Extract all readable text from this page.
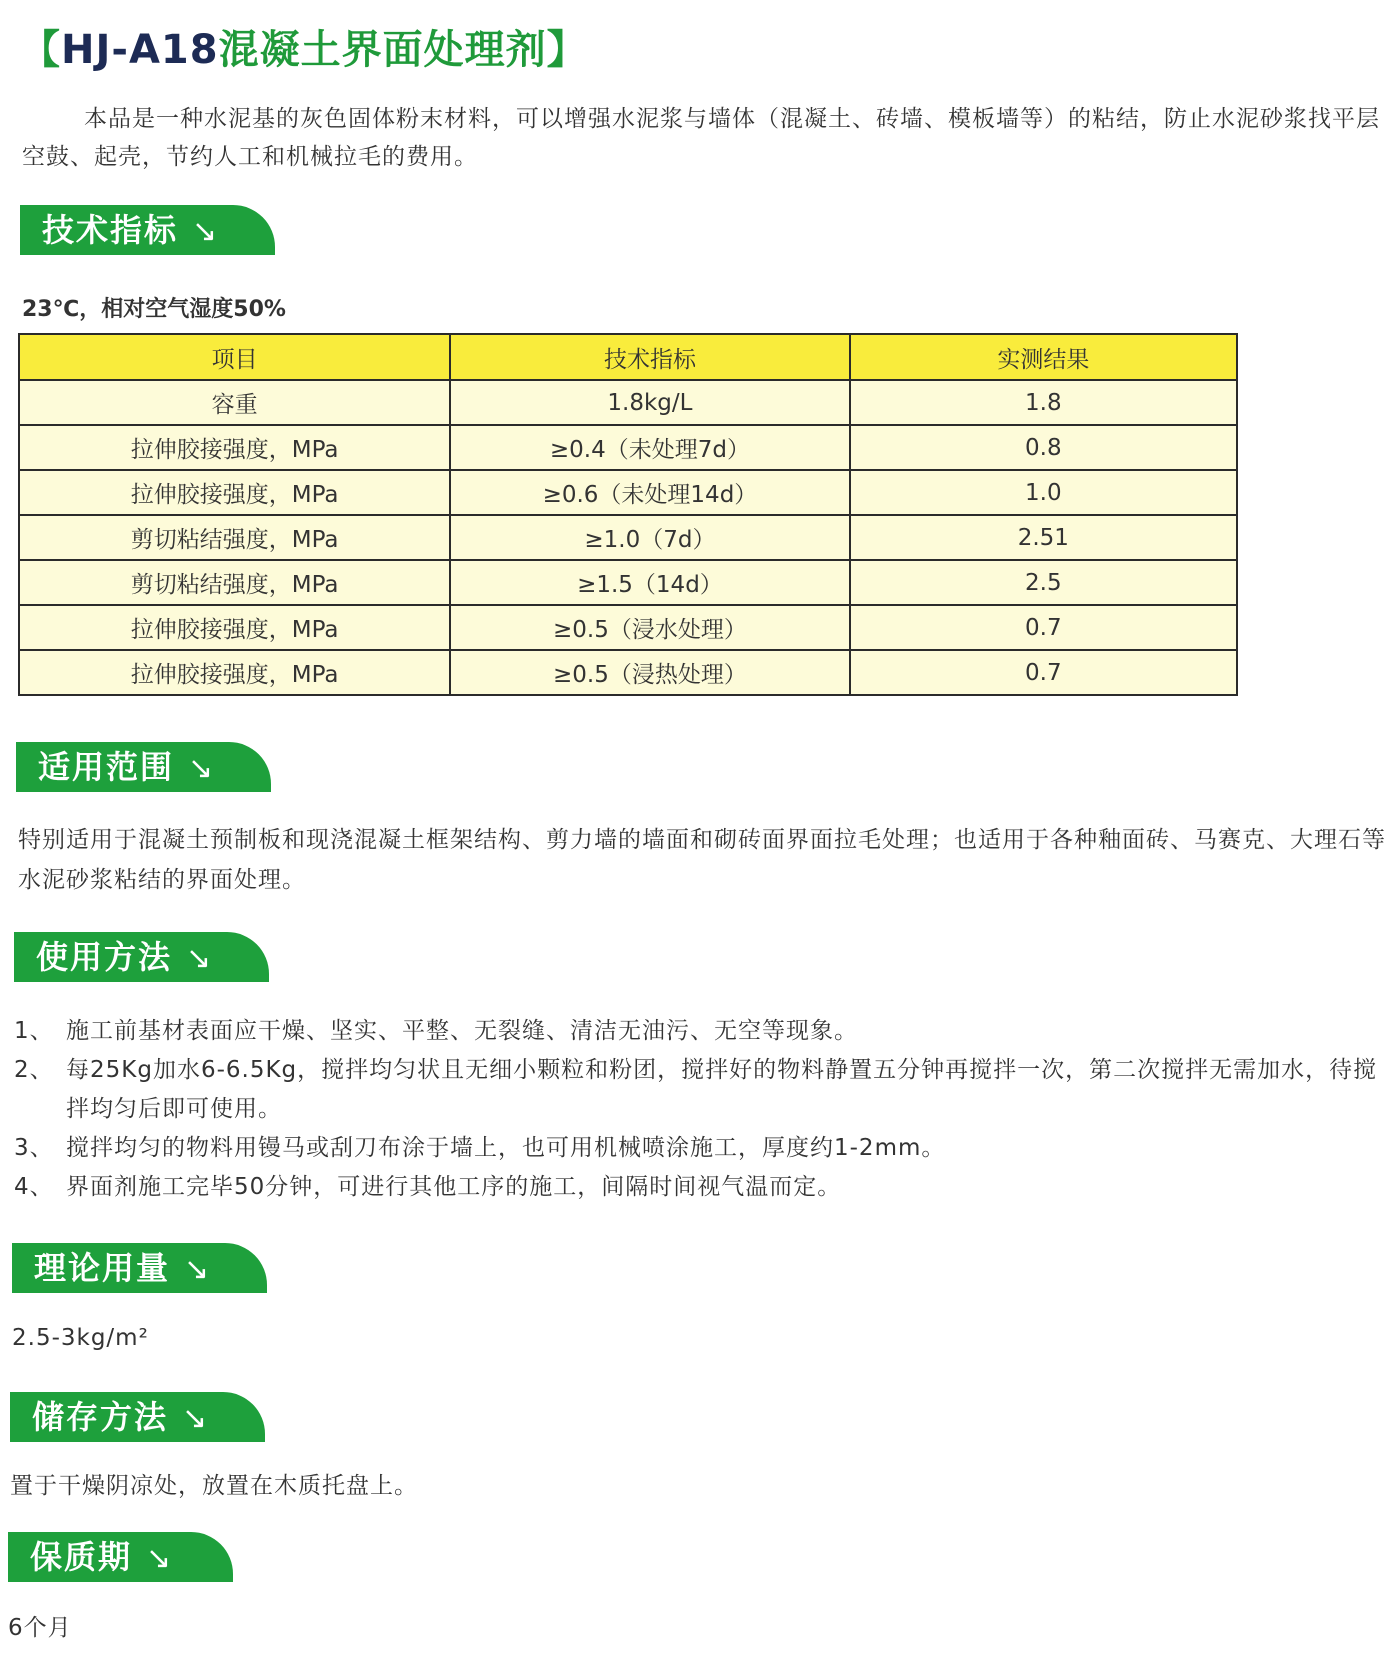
【HJ-A18混凝土界面处理剂】
本品是一种水泥基的灰色固体粉末材料，可以增强水泥浆与墙体（混凝土、砖墙、模板墙等）的粘结，防止水泥砂浆找平层空鼓、起壳，节约人工和机械拉毛的费用。
技术指标 ↘
23℃，相对空气湿度50%
项目	技术指标	实测结果
容重	1.8kg/L	1.8
拉伸胶接强度，MPa	≥0.4（未处理7d）	0.8
拉伸胶接强度，MPa	≥0.6（未处理14d）	1.0
剪切粘结强度，MPa	≥1.0（7d）	2.51
剪切粘结强度，MPa	≥1.5（14d）	2.5
拉伸胶接强度，MPa	≥0.5（浸水处理）	0.7
拉伸胶接强度，MPa	≥0.5（浸热处理）	0.7
适用范围 ↘
特别适用于混凝土预制板和现浇混凝土框架结构、剪力墙的墙面和砌砖面界面拉毛处理；也适用于各种釉面砖、马赛克、大理石等水泥砂浆粘结的界面处理。
使用方法 ↘
1、 施工前基材表面应干燥、坚实、平整、无裂缝、清洁无油污、无空等现象。
2、 每25Kg加水6-6.5Kg，搅拌均匀状且无细小颗粒和粉团，搅拌好的物料静置五分钟再搅拌一次，第二次搅拌无需加水，待搅拌均匀后即可使用。
3、 搅拌均匀的物料用镘马或刮刀布涂于墙上，也可用机械喷涂施工，厚度约1-2mm。
4、 界面剂施工完毕50分钟，可进行其他工序的施工，间隔时间视气温而定。
理论用量 ↘
2.5-3kg/m²
储存方法 ↘
置于干燥阴凉处，放置在木质托盘上。
保质期 ↘
6个月
